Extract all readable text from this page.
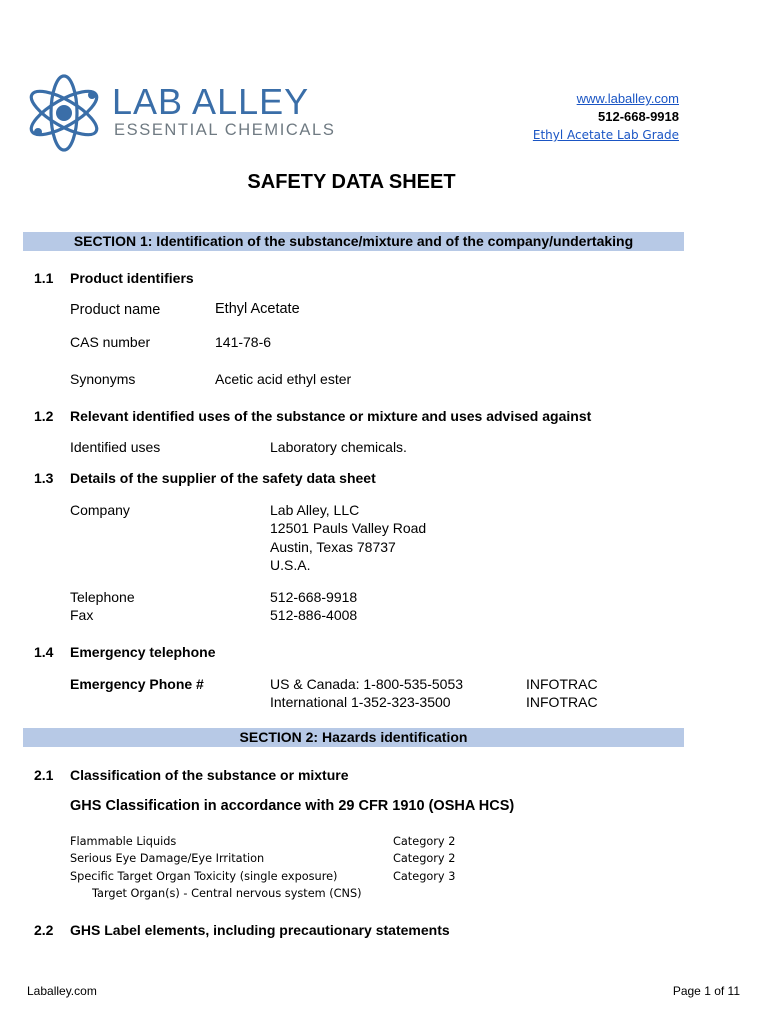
LAB ALLEY
ESSENTIAL CHEMICALS
www.laballey.com
512-668-9918
Ethyl Acetate Lab Grade
SAFETY DATA SHEET
SECTION 1: Identification of the substance/mixture and of the company/undertaking
1.1 Product identifiers
Product name	Ethyl Acetate
CAS number	141-78-6
Synonyms	Acetic acid ethyl ester
1.2 Relevant identified uses of the substance or mixture and uses advised against
Identified uses	Laboratory chemicals.
1.3 Details of the supplier of the safety data sheet
Company	Lab Alley, LLC
12501 Pauls Valley Road
Austin, Texas 78737
U.S.A.
Telephone	512-668-9918
Fax	512-886-4008
1.4 Emergency telephone
Emergency Phone #	US & Canada: 1-800-535-5053	INFOTRAC
International 1-352-323-3500	INFOTRAC
SECTION 2: Hazards identification
2.1 Classification of the substance or mixture
GHS Classification in accordance with 29 CFR 1910 (OSHA HCS)
Flammable Liquids	Category 2
Serious Eye Damage/Eye Irritation	Category 2
Specific Target Organ Toxicity (single exposure)	Category 3
Target Organ(s) - Central nervous system (CNS)
2.2 GHS Label elements, including precautionary statements
Laballey.com	Page 1 of 11
